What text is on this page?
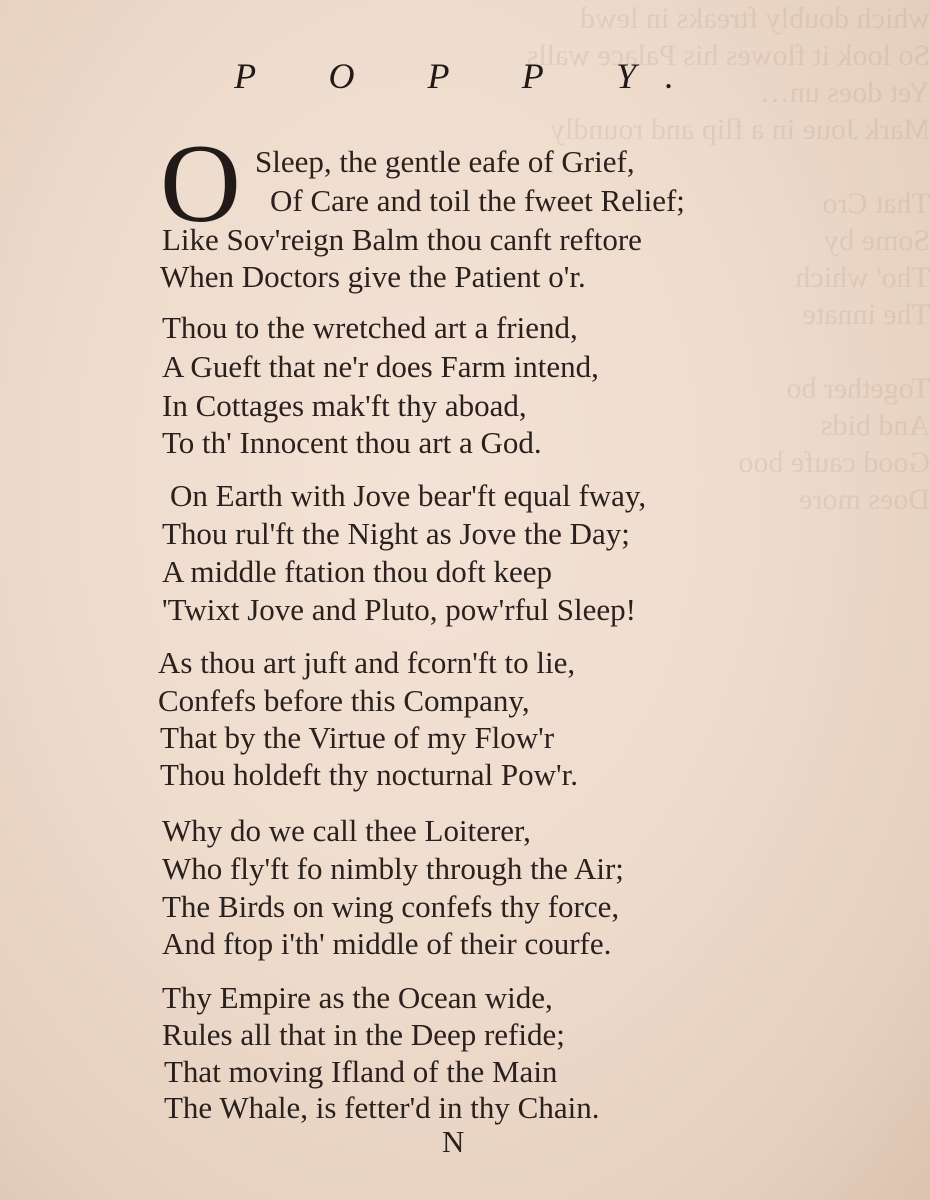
which doubly ftreaks in lewd
So look it flowes his Palace walls
Yet does un…
Mark Joue in a flip and roundly
That Cro
Some by
Tho' which
The innate
Together bo
And bids
Good caufe boo
Does more
P O P P Y.
O Sleep, the gentle eafe of Grief,
Of Care and toil the fweet Relief;
Like Sov'reign Balm thou canft reftore
When Doctors give the Patient o'r.
Thou to the wretched art a friend,
A Gueft that ne'r does Farm intend,
In Cottages mak'ft thy aboad,
To th' Innocent thou art a God.
On Earth with Jove bear'ft equal fway,
Thou rul'ft the Night as Jove the Day;
A middle ftation thou doft keep
'Twixt Jove and Pluto, pow'rful Sleep!
As thou art juft and fcorn'ft to lie,
Confefs before this Company,
That by the Virtue of my Flow'r
Thou holdeft thy nocturnal Pow'r.
Why do we call thee Loiterer,
Who fly'ft fo nimbly through the Air;
The Birds on wing confefs thy force,
And ftop i'th' middle of their courfe.
Thy Empire as the Ocean wide,
Rules all that in the Deep refide;
That moving Ifland of the Main
The Whale, is fetter'd in thy Chain.
N
